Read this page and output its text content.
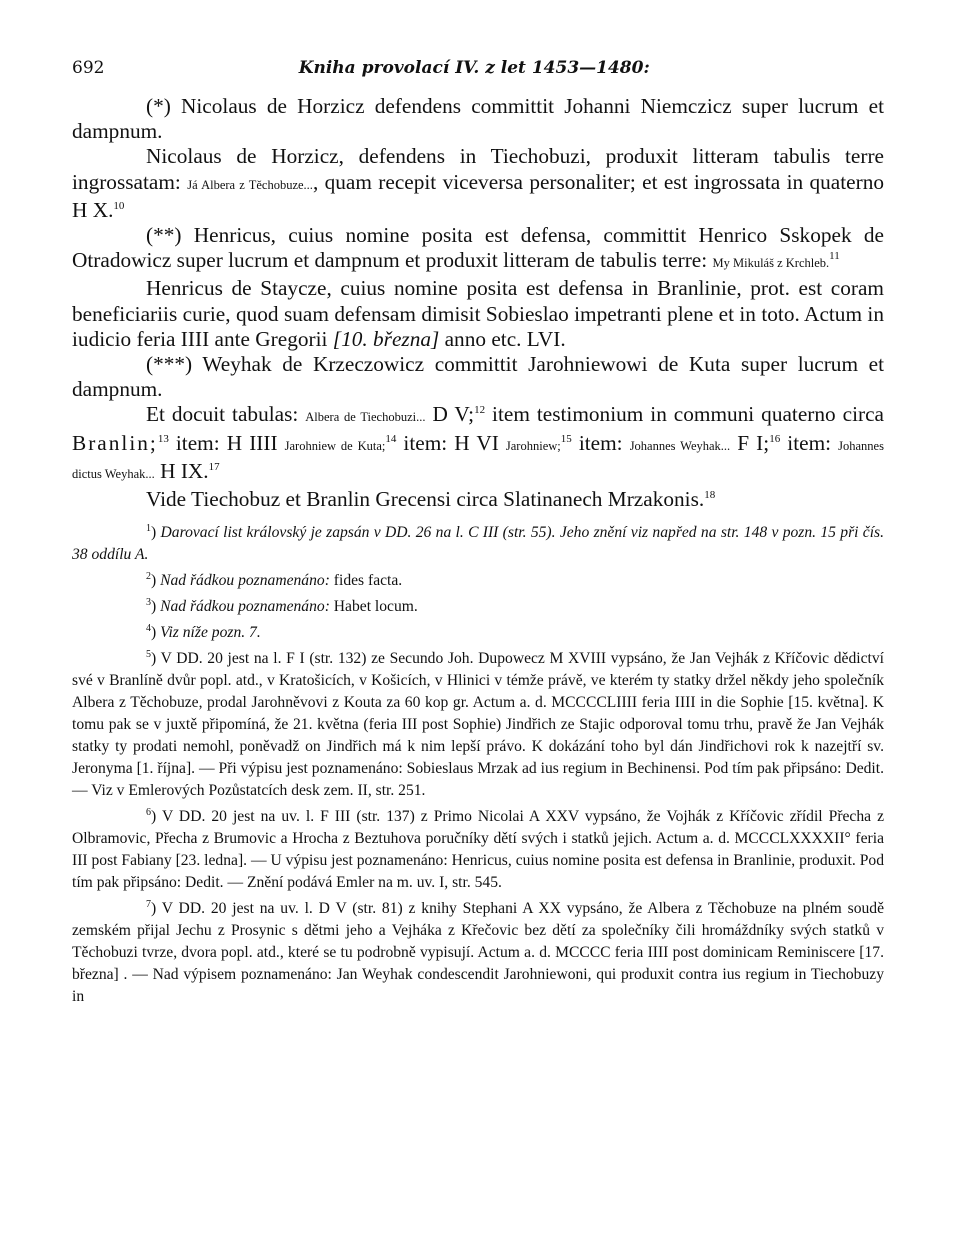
692	Kniha provolací IV. z let 1453—1480:

(*) Nicolaus de Horzicz defendens committit Johanni Niemczicz super lucrum et dampnum.

Nicolaus de Horzicz, defendens in Tiechobuzi, produxit litteram tabulis terre ingrossatam: Já Albera z Těchobuze..., quam recepit viceversa personaliter; et est ingrossata in quaterno H X.$^{10}$

(**) Henricus, cuius nomine posita est defensa, committit Henrico Sskopek de Otradowicz super lucrum et dampnum et produxit litteram de tabulis terre: My Mikuláš z Krchleb.$^{11}$

Henricus de Staycze, cuius nomine posita est defensa in Branlinie, prot. est coram beneficiariis curie, quod suam defensam dimisit Sobieslao impetranti plene et in toto. Actum in iudicio feria IIII ante Gregorii [10. března] anno etc. LVI.

(***) Weyhak de Krzeczowicz committit Jarohniewowi de Kuta super lucrum et dampnum.

Et docuit tabulas: Albera de Tiechobuzi... D V;$^{12}$ item testimonium in communi quaterno circa Branlin;$^{13}$ item: H IIII Jarohniew de Kuta;$^{14}$ item: H VI Jarohniew;$^{15}$ item: Johannes Weyhak... F I;$^{16}$ item: Johannes dictus Weyhak... H IX.$^{17}$

Vide Tiechobuz et Branlin Grecensi circa Slatinanech Mrzakonis.$^{18}$

$^1$) Darovací list královský je zapsán v DD. 26 na l. C III (str. 55). Jeho znění viz napřed na str. 148 v pozn. 15 při čís. 38 oddílu A.

$^2$) Nad řádkou poznamenáno: fides facta.

$^3$) Nad řádkou poznamenáno: Habet locum.

$^4$) Viz níže pozn. 7.

$^5$) V DD. 20 jest na l. F I (str. 132) ze Secundo Joh. Dupowecz M XVIII vypsáno, že Jan Vejhák z Kříčovic dědictví své v Branlíně dvůr popl. atd., v Kratošicích, v Košicích, v Hlinici v témže právě, ve kterém ty statky držel někdy jeho společník Albera z Těchobuze, prodal Jarohněvovi z Kouta za 60 kop gr. Actum a. d. MCCCCLIIII feria IIII in die Sophie [15. května]. K tomu pak se v juxtě připomíná, že 21. května (feria III post Sophie) Jindřich ze Stajic odporoval tomu trhu, pravě že Jan Vejhák statky ty prodati nemohl, poněvadž on Jindřich má k nim lepší právo. K dokázání toho byl dán Jindřichovi rok k nazejtří sv. Jeronyma [1. října]. — Při výpisu jest poznamenáno: Sobieslaus Mrzak ad ius regium in Bechinensi. Pod tím pak připsáno: Dedit. — Viz v Emlerových Pozůstatcích desk zem. II, str. 251.

$^6$) V DD. 20 jest na uv. l. F III (str. 137) z Primo Nicolai A XXV vypsáno, že Vojhák z Kříčovic zřídil Přecha z Olbramovic, Přecha z Brumovic a Hrocha z Beztuhova poručníky dětí svých i statků jejich. Actum a. d. MCCCLXXXXII° feria III post Fabiany [23. ledna]. — U výpisu jest poznamenáno: Henricus, cuius nomine posita est defensa in Branlinie, produxit. Pod tím pak připsáno: Dedit. — Znění podává Emler na m. uv. I, str. 545.

$^7$) V DD. 20 jest na uv. l. D V (str. 81) z knihy Stephani A XX vypsáno, že Albera z Těchobuze na plném soudě zemském přijal Jechu z Prosynic s dětmi jeho a Vejháka z Křečovic bez dětí za společníky čili hromáždníky svých statků v Těchobuzi tvrze, dvora popl. atd., které se tu podrobně vypisují. Actum a. d. MCCCC feria IIII post dominicam Reminiscere [17. března] . — Nad výpisem poznamenáno: Jan Weyhak condescendit Jarohniewoni, qui produxit contra ius regium in Tiechobuzy in
